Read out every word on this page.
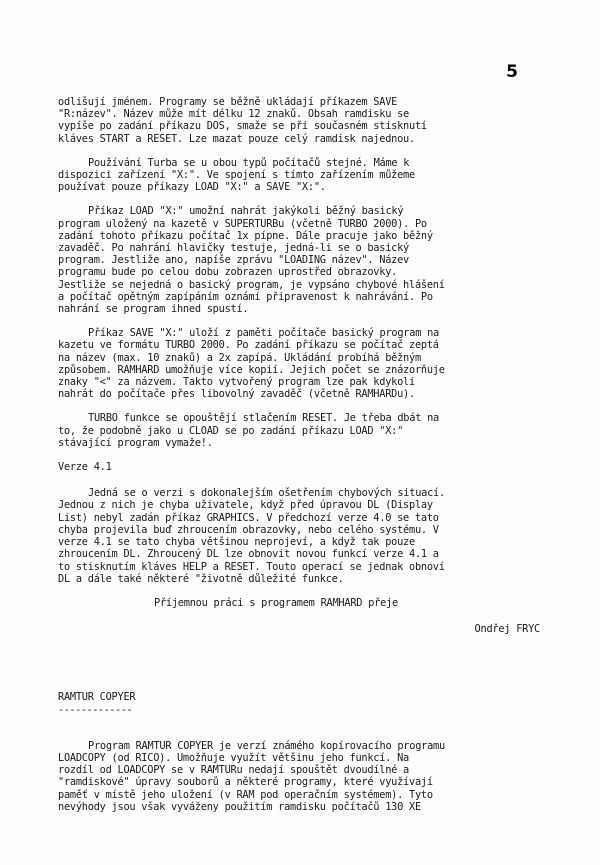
5
odlišují jménem. Programy se běžně ukládají příkazem SAVE
"R:název". Název může mít délku 12 znaků. Obsah ramdisku se
vypíše po zadání příkazu DOS, smaže se při současném stisknutí
kláves START a RESET. Lze mazat pouze celý ramdisk najednou.
Používání Turba se u obou typů počítačů stejné. Máme k
dispozici zařízení "X:". Ve spojení s tímto zařízením můžeme
používat pouze příkazy LOAD "X:" a SAVE "X:".
Příkaz LOAD "X:" umožní nahrát jakýkoli běžný basický
program uložený na kazetě v SUPERTURBu (včetně TURBO 2000). Po
zadání tohoto příkazu počítač 1x pípne. Dále pracuje jako běžný
zavaděč. Po nahrání hlavičky testuje, jedná-li se o basický
program. Jestliže ano, napíše zprávu "LOADING název". Název
programu bude po celou dobu zobrazen uprostřed obrazovky.
Jestliže se nejedná o basický program, je vypsáno chybové hlášení
a počítač opětným zapípáním oznámí připravenost k nahrávání. Po
nahrání se program ihned spustí.
Příkaz SAVE "X:" uloží z paměti počítače basický program na
kazetu ve formátu TURBO 2000. Po zadání příkazu se počítač zeptá
na název (max. 10 znaků) a 2x zapípá. Ukládání probíhá běžným
způsobem. RAMHARD umožňuje více kopií. Jejich počet se znázorňuje
znaky "<" za názvem. Takto vytvořený program lze pak kdykoli
nahrát do počítače přes libovolný zavaděč (včetně RAMHARDu).
TURBO funkce se opouštějí stlačením RESET. Je třeba dbát na
to, že podobně jako u CLOAD se po zadání příkazu LOAD "X:"
stávající program vymaže!.
Verze 4.1
Jedná se o verzi s dokonalejším ošetřením chybových situací.
Jednou z nich je chyba uživatele, když před úpravou DL (Display
List) nebyl zadán příkaz GRAPHICS. V předchozí verze 4.0 se tato
chyba projevila buď zhroucením obrazovky, nebo celého systému. V
verze 4.1 se tato chyba většinou neprojeví, a když tak pouze
zhroucením DL. Zhroucený DL lze obnovit novou funkcí verze 4.1 a
to stisknutím kláves HELP a RESET. Touto operací se jednak obnoví
DL a dále také některé "životně důležité funkce.
Příjemnou práci s programem RAMHARD přeje
Ondřej FRYC
RAMTUR COPYER
-------------
Program RAMTUR COPYER je verzí známého kopírovacího programu
LOADCOPY (od RICO). Umožňuje využít většinu jeho funkcí. Na
rozdíl od LOADCOPY se v RAMTURu nedají spouštět dvoudílné a
"ramdiskové" úpravy souborů a některé programy, které využívají
paměť v místě jeho uložení (v RAM pod operačním systémem). Tyto
nevýhody jsou však vyváženy použitím ramdisku počítačů 130 XE
